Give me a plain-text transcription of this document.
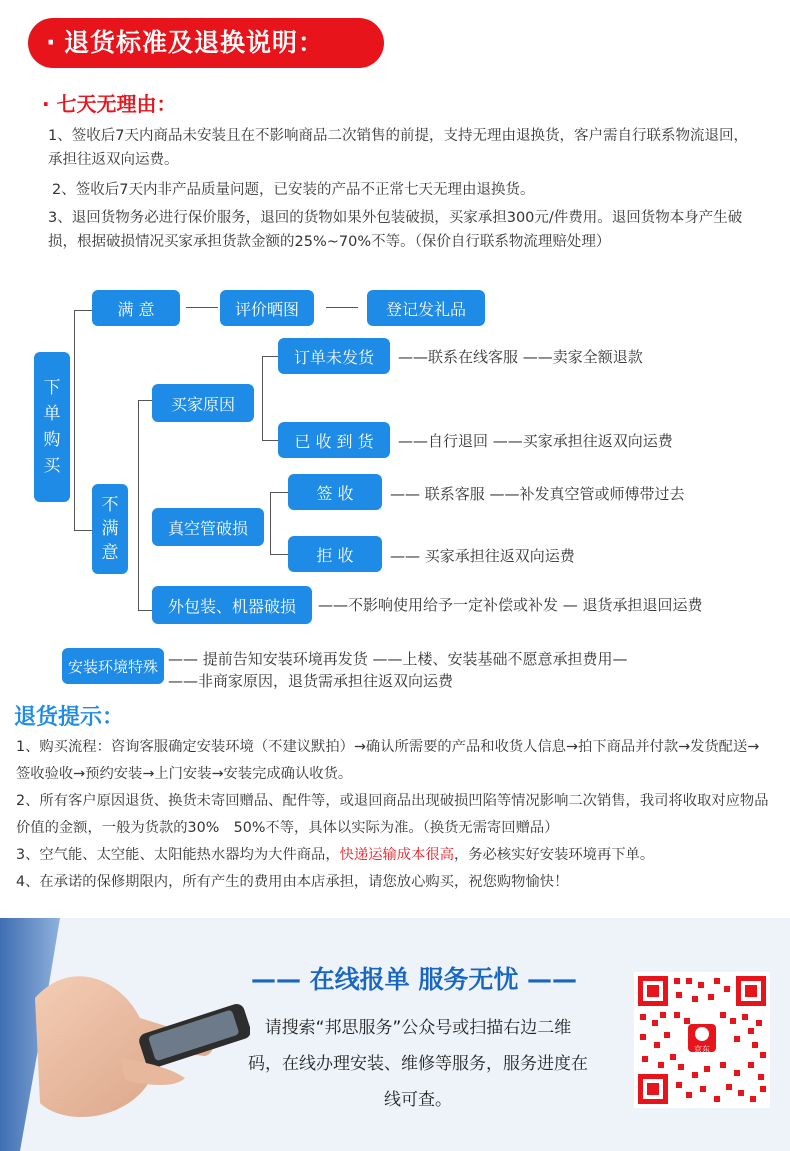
· 退货标准及退换说明：
· 七天无理由：
1、签收后7天内商品未安装且在不影响商品二次销售的前提，支持无理由退换货，客户需自行联系物流退回，承担往返双向运费。
2、签收后7天内非产品质量问题，已安装的产品不正常七天无理由退换货。
3、退回货物务必进行保价服务，退回的货物如果外包装破损，买家承担300元/件费用。退回货物本身产生破损，根据破损情况买家承担货款金额的25%~70%不等。（保价自行联系物流理赔处理）
下单购买
满 意	评价晒图	登记发礼品
不满意
买家原因
订单未发货	——联系在线客服 ——卖家全额退款
已 收 到 货	——自行退回 ——买家承担往返双向运费
真空管破损
签 收	—— 联系客服 ——补发真空管或师傅带过去
拒 收	—— 买家承担往返双向运费
外包装、机器破损	——不影响使用给予一定补偿或补发 — 退货承担退回运费
安装环境特殊 —— 提前告知安装环境再发货 ——上楼、安装基础不愿意承担费用—
——非商家原因，退货需承担往返双向运费
退货提示：
1、购买流程：咨询客服确定安装环境（不建议默拍）→确认所需要的产品和收货人信息→拍下商品并付款→发货配送→签收验收→预约安装→上门安装→安装完成确认收货。
2、所有客户原因退货、换货未寄回赠品、配件等，或退回商品出现破损凹陷等情况影响二次销售，我司将收取对应物品价值的金额，一般为货款的30%　50%不等，具体以实际为准。（换货无需寄回赠品）
3、空气能、太空能、太阳能热水器均为大件商品，快递运输成本很高，务必核实好安装环境再下单。
4、在承诺的保修期限内，所有产生的费用由本店承担，请您放心购买，祝您购物愉快！
—— 在线报单 服务无忧 ——
请搜索“邦思服务”公众号或扫描右边二维码，在线办理安装、维修等服务，服务进度在线可查。
京东
